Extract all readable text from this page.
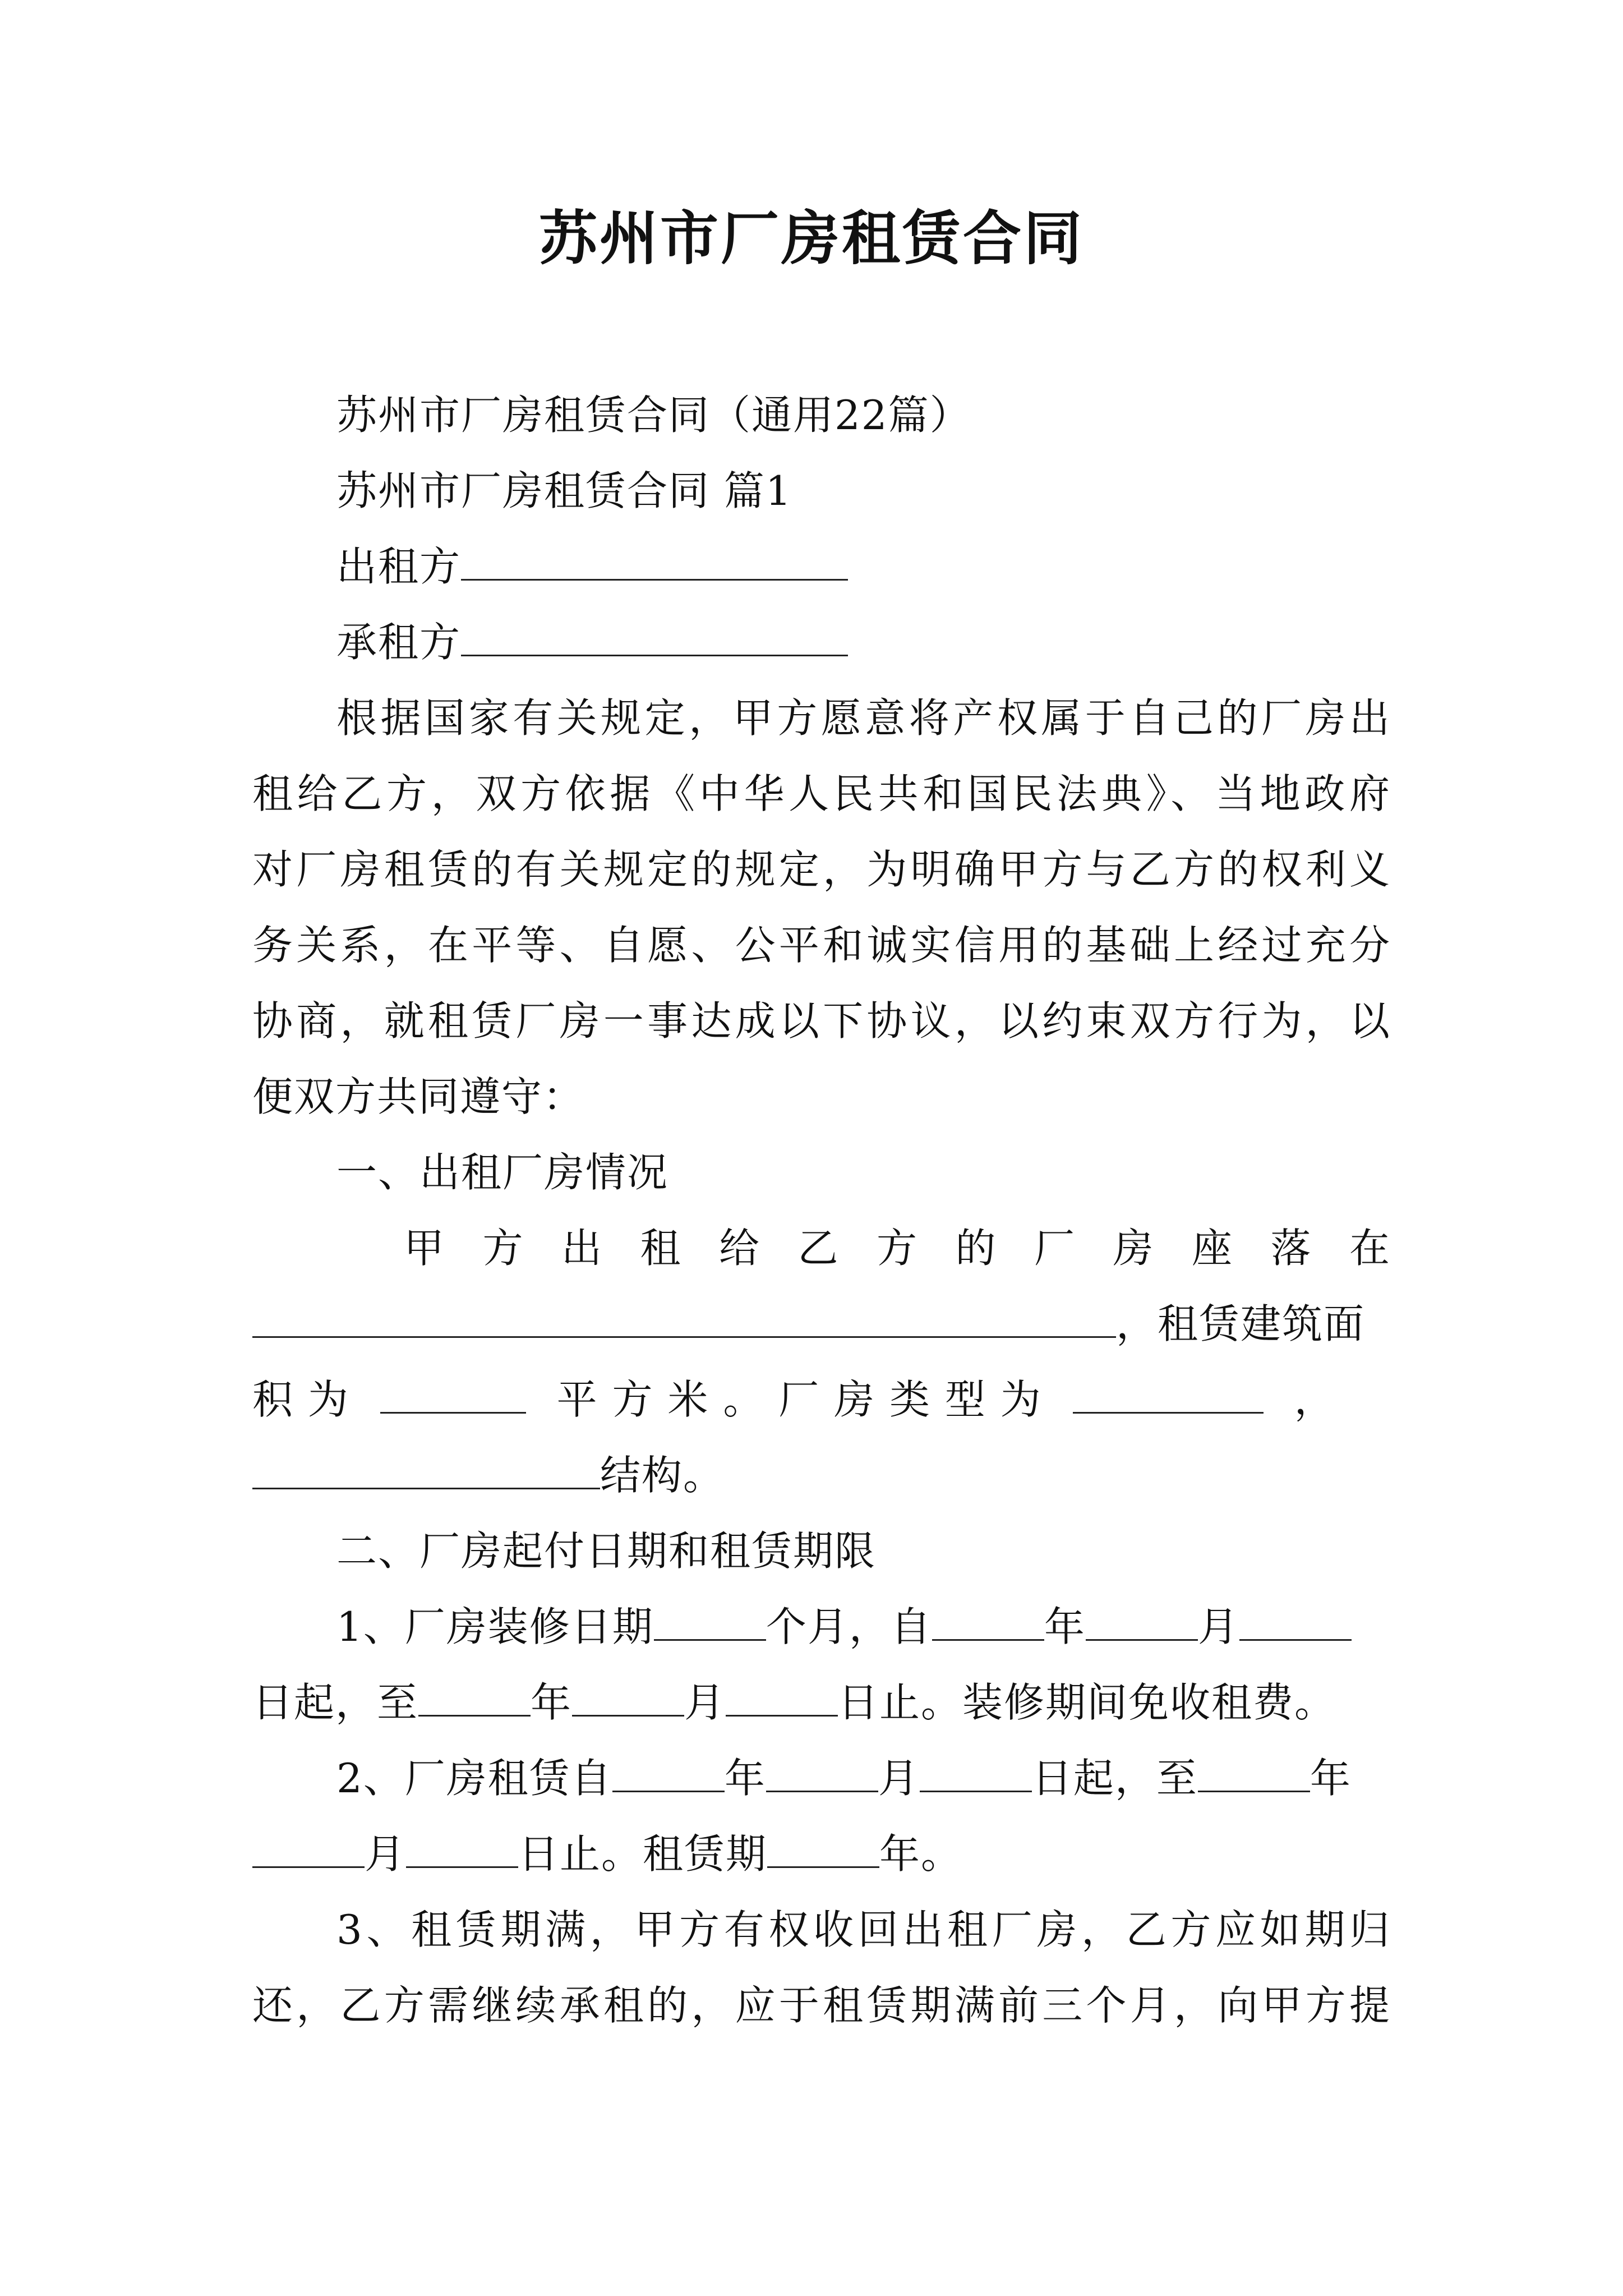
苏州市厂房租赁合同
苏州市厂房租赁合同（通用22篇）
苏州市厂房租赁合同 篇1
出租方
承租方
根据国家有关规定，甲方愿意将产权属于自己的厂房出
租给乙方，双方依据《中华人民共和国民法典》、当地政府
对厂房租赁的有关规定的规定，为明确甲方与乙方的权利义
务关系，在平等、自愿、公平和诚实信用的基础上经过充分
协商，就租赁厂房一事达成以下协议，以约束双方行为，以
便双方共同遵守：
一、出租厂房情况
甲 方 出 租 给 乙 方 的 厂 房 座 落 在
，租赁建筑面
积 为	平 方 米 。 厂 房 类 型 为	，
结构。
二、厂房起付日期和租赁期限
1、厂房装修日期	个月，自	年	月
日起，至	年	月	日止。装修期间免收租费。
2、厂房租赁自	年	月	日起，至	年
月	日止。租赁期	年。
3、租赁期满，甲方有权收回出租厂房，乙方应如期归
还，乙方需继续承租的，应于租赁期满前三个月，向甲方提
